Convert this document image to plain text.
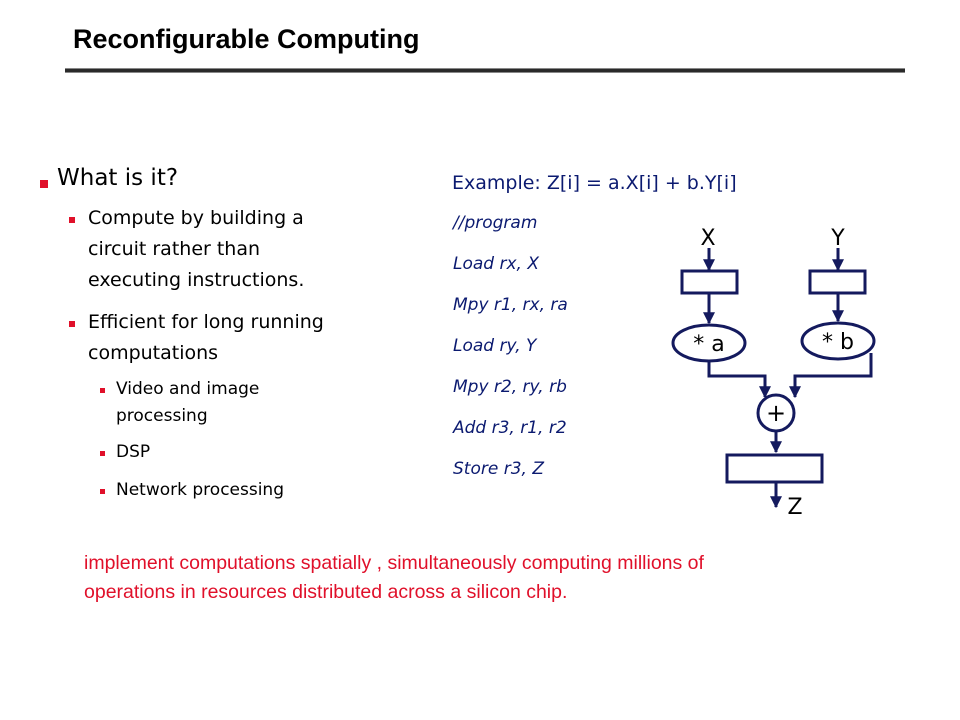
Reconfigurable Computing
What is it?
Compute by building a
circuit rather than
executing instructions.
Efficient for long running
computations
Video and image
processing
DSP
Network processing
Example: Z[i] = a.X[i] + b.Y[i]
//program
Load rx, X
Mpy r1, rx, ra
Load ry, Y
Mpy r2, ry, rb
Add r3, r1, r2
Store r3, Z
X	Y
* a	* b
+
Z
implement computations spatially , simultaneously computing millions of
operations in resources distributed across a silicon chip.
